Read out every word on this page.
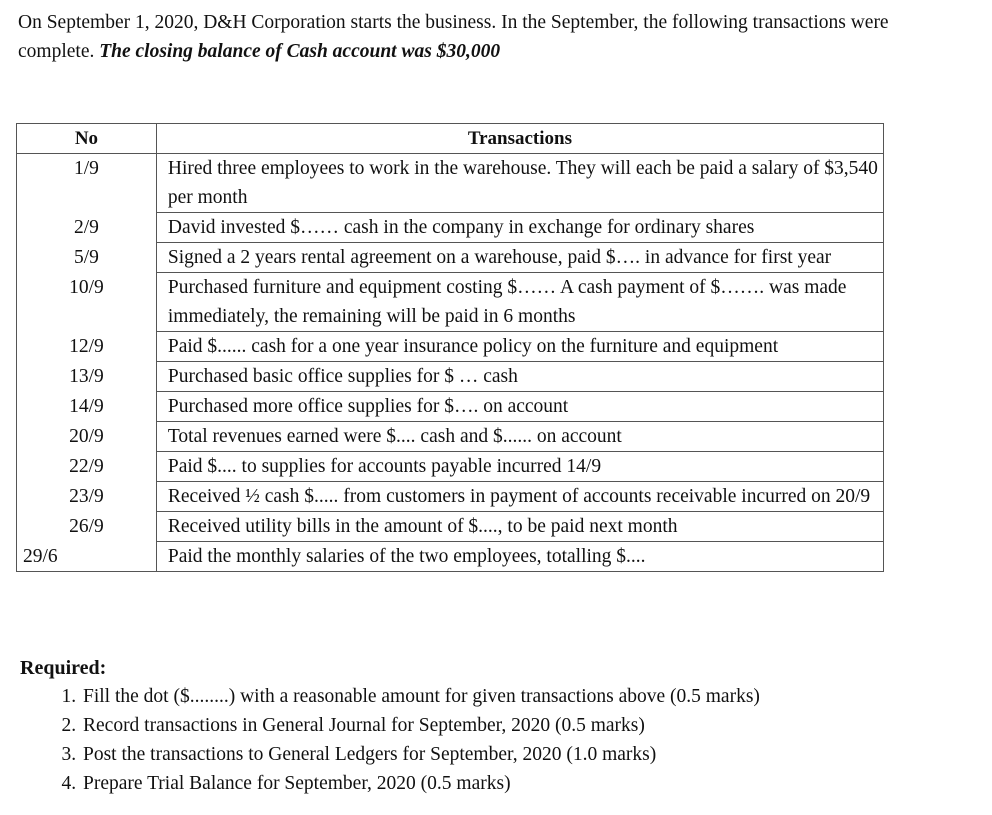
On September 1, 2020, D&H Corporation starts the business. In the September, the following transactions were complete. The closing balance of Cash account was $30,000
No	Transactions
1/9	Hired three employees to work in the warehouse. They will each be paid a salary of $3,540 per month
2/9	David invested $…… cash in the company in exchange for ordinary shares
5/9	Signed a 2 years rental agreement on a warehouse, paid $…. in advance for first year
10/9	Purchased furniture and equipment costing $…… A cash payment of $……. was made immediately, the remaining will be paid in 6 months
12/9	Paid $...... cash for a one year insurance policy on the furniture and equipment
13/9	Purchased basic office supplies for $ … cash
14/9	Purchased more office supplies for $…. on account
20/9	Total revenues earned were $.... cash and $...... on account
22/9	Paid $.... to supplies for accounts payable incurred 14/9
23/9	Received ½ cash $..... from customers in payment of accounts receivable incurred on 20/9
26/9	Received utility bills in the amount of $...., to be paid next month
29/6	Paid the monthly salaries of the two employees, totalling $....
Required:
1. Fill the dot ($........) with a reasonable amount for given transactions above (0.5 marks)
2. Record transactions in General Journal for September, 2020 (0.5 marks)
3. Post the transactions to General Ledgers for September, 2020 (1.0 marks)
4. Prepare Trial Balance for September, 2020 (0.5 marks)
